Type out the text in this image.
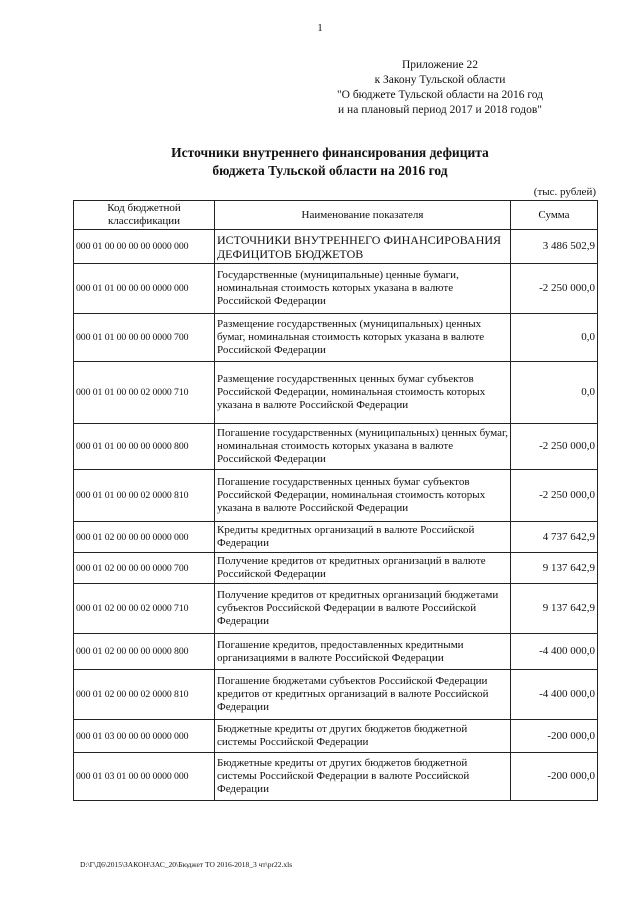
1
Приложение 22
к Закону Тульской области
"О бюджете Тульской области на 2016 год
и на плановый период 2017 и 2018 годов"
Источники внутреннего финансирования дефицита
бюджета Тульской области на 2016 год
(тыс. рублей)
Код бюджетной классификации	Наименование показателя	Сумма
000 01 00 00 00 00 0000 000	ИСТОЧНИКИ ВНУТРЕННЕГО ФИНАНСИРОВАНИЯ ДЕФИЦИТОВ БЮДЖЕТОВ	3 486 502,9
000 01 01 00 00 00 0000 000	Государственные (муниципальные) ценные бумаги, номинальная стоимость которых указана в валюте Российской Федерации	-2 250 000,0
000 01 01 00 00 00 0000 700	Размещение государственных (муниципальных) ценных бумаг, номинальная стоимость которых указана в валюте Российской Федерации	0,0
000 01 01 00 00 02 0000 710	Размещение государственных ценных бумаг субъектов Российской Федерации, номинальная стоимость которых указана в валюте Российской Федерации	0,0
000 01 01 00 00 00 0000 800	Погашение государственных (муниципальных) ценных бумаг, номинальная стоимость которых указана в валюте Российской Федерации	-2 250 000,0
000 01 01 00 00 02 0000 810	Погашение государственных ценных бумаг субъектов Российской Федерации, номинальная стоимость которых указана в валюте Российской Федерации	-2 250 000,0
000 01 02 00 00 00 0000 000	Кредиты кредитных организаций в валюте Российской Федерации	4 737 642,9
000 01 02 00 00 00 0000 700	Получение кредитов от кредитных организаций в валюте Российской Федерации	9 137 642,9
000 01 02 00 00 02 0000 710	Получение кредитов от кредитных организаций бюджетами субъектов Российской Федерации в валюте Российской Федерации	9 137 642,9
000 01 02 00 00 00 0000 800	Погашение кредитов, предоставленных кредитными организациями в валюте Российской Федерации	-4 400 000,0
000 01 02 00 00 02 0000 810	Погашение бюджетами субъектов Российской Федерации кредитов от кредитных организаций в валюте Российской Федерации	-4 400 000,0
000 01 03 00 00 00 0000 000	Бюджетные кредиты от других бюджетов бюджетной системы Российской Федерации	-200 000,0
000 01 03 01 00 00 0000 000	Бюджетные кредиты от других бюджетов бюджетной системы Российской Федерации в валюте Российской Федерации	-200 000,0
D:\Г\Д6\2015\ЗАКОН\ЗАС_20\Бюджет ТО 2016-2018_3 чт\pr22.xls
